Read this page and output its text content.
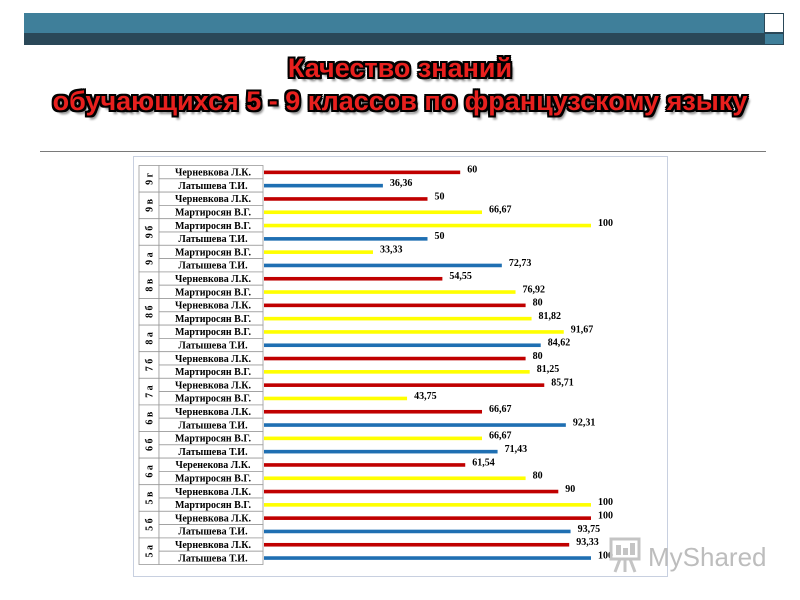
Качество знаний
обучающихся 5 - 9 классов по французскому языку
9 г Черневкова Л.К.	60
Латышева Т.И.	36,36
9 в Черневкова Л.К.	50
Мартиросян В.Г.	66,67
9 б Мартиросян В.Г.	100
Латышева Т.И.	50
9 а Мартиросян В.Г.	33,33
Латышева Т.И.	72,73
8 в Черневкова Л.К.	54,55
Мартиросян В.Г.	76,92
8 б Черневкова Л.К.	80
Мартиросян В.Г.	81,82
8 а Мартиросян В.Г.	91,67
Латышева Т.И.	84,62
7 б Черневкова Л.К.	80
Мартиросян В.Г.	81,25
7 а Черневкова Л.К.	85,71
Мартиросян В.Г.	43,75
6 в Черневкова Л.К.	66,67
Латышева Т.И.	92,31
6 б Мартиросян В.Г.	66,67
Латышева Т.И.	71,43
6 а Черенекова Л.К.	61,54
Мартиросян В.Г.	80
5 в Черневкова Л.К.	90
Мартиросян В.Г.	100
5 б Черневкова Л.К.	100
Латышева Т.И.	93,75
5 а Черневкова Л.К.	93,33
Латышева Т.И.	100 MyShared
